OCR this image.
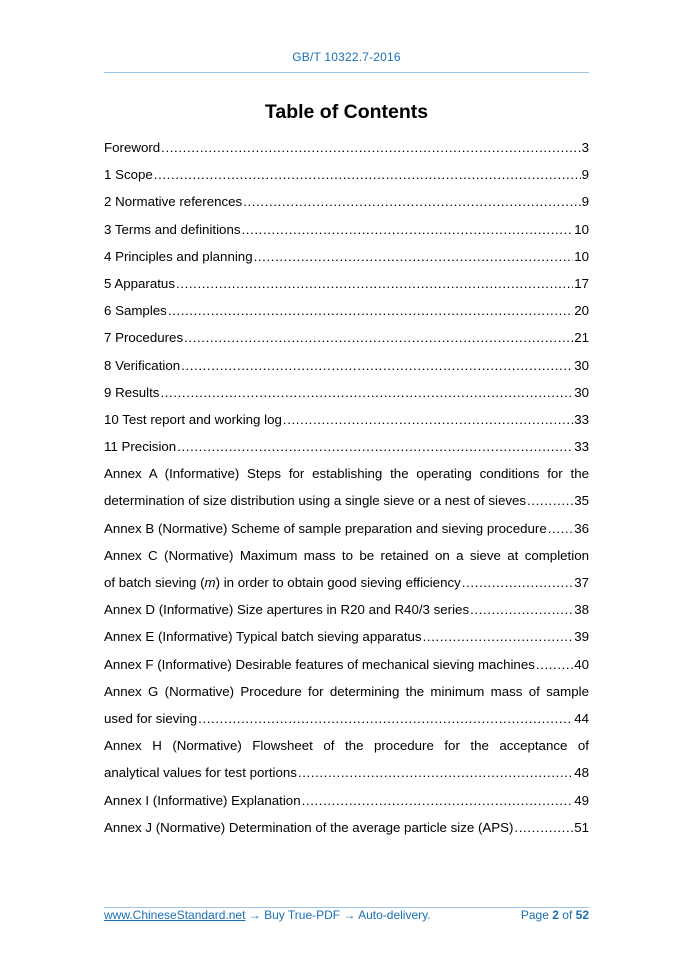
GB/T 10322.7-2016
Table of Contents
Foreword .....	3
1 Scope .....	9
2 Normative references .....	9
3 Terms and definitions .....	10
4 Principles and planning .....	10
5 Apparatus .....	17
6 Samples .....	20
7 Procedures .....	21
8 Verification .....	30
9 Results .....	30
10 Test report and working log .....	33
11 Precision .....	33
Annex A (Informative) Steps for establishing the operating conditions for the
determination of size distribution using a single sieve or a nest of sieves .....	35
Annex B (Normative) Scheme of sample preparation and sieving procedure ..... 36
Annex C (Normative) Maximum mass to be retained on a sieve at completion
of batch sieving (m) in order to obtain good sieving efficiency .....	37
Annex D (Informative) Size apertures in R20 and R40/3 series .....	38
Annex E (Informative) Typical batch sieving apparatus .....	39
Annex F (Informative) Desirable features of mechanical sieving machines .....	40
Annex G (Normative) Procedure for determining the minimum mass of sample
used for sieving .....	44
Annex H (Normative) Flowsheet of the procedure for the acceptance of
analytical values for test portions .....	48
Annex I (Informative) Explanation .....	49
Annex J (Normative) Determination of the average particle size (APS) .....	51
www.ChineseStandard.net → Buy True-PDF → Auto-delivery.	Page 2 of 52
